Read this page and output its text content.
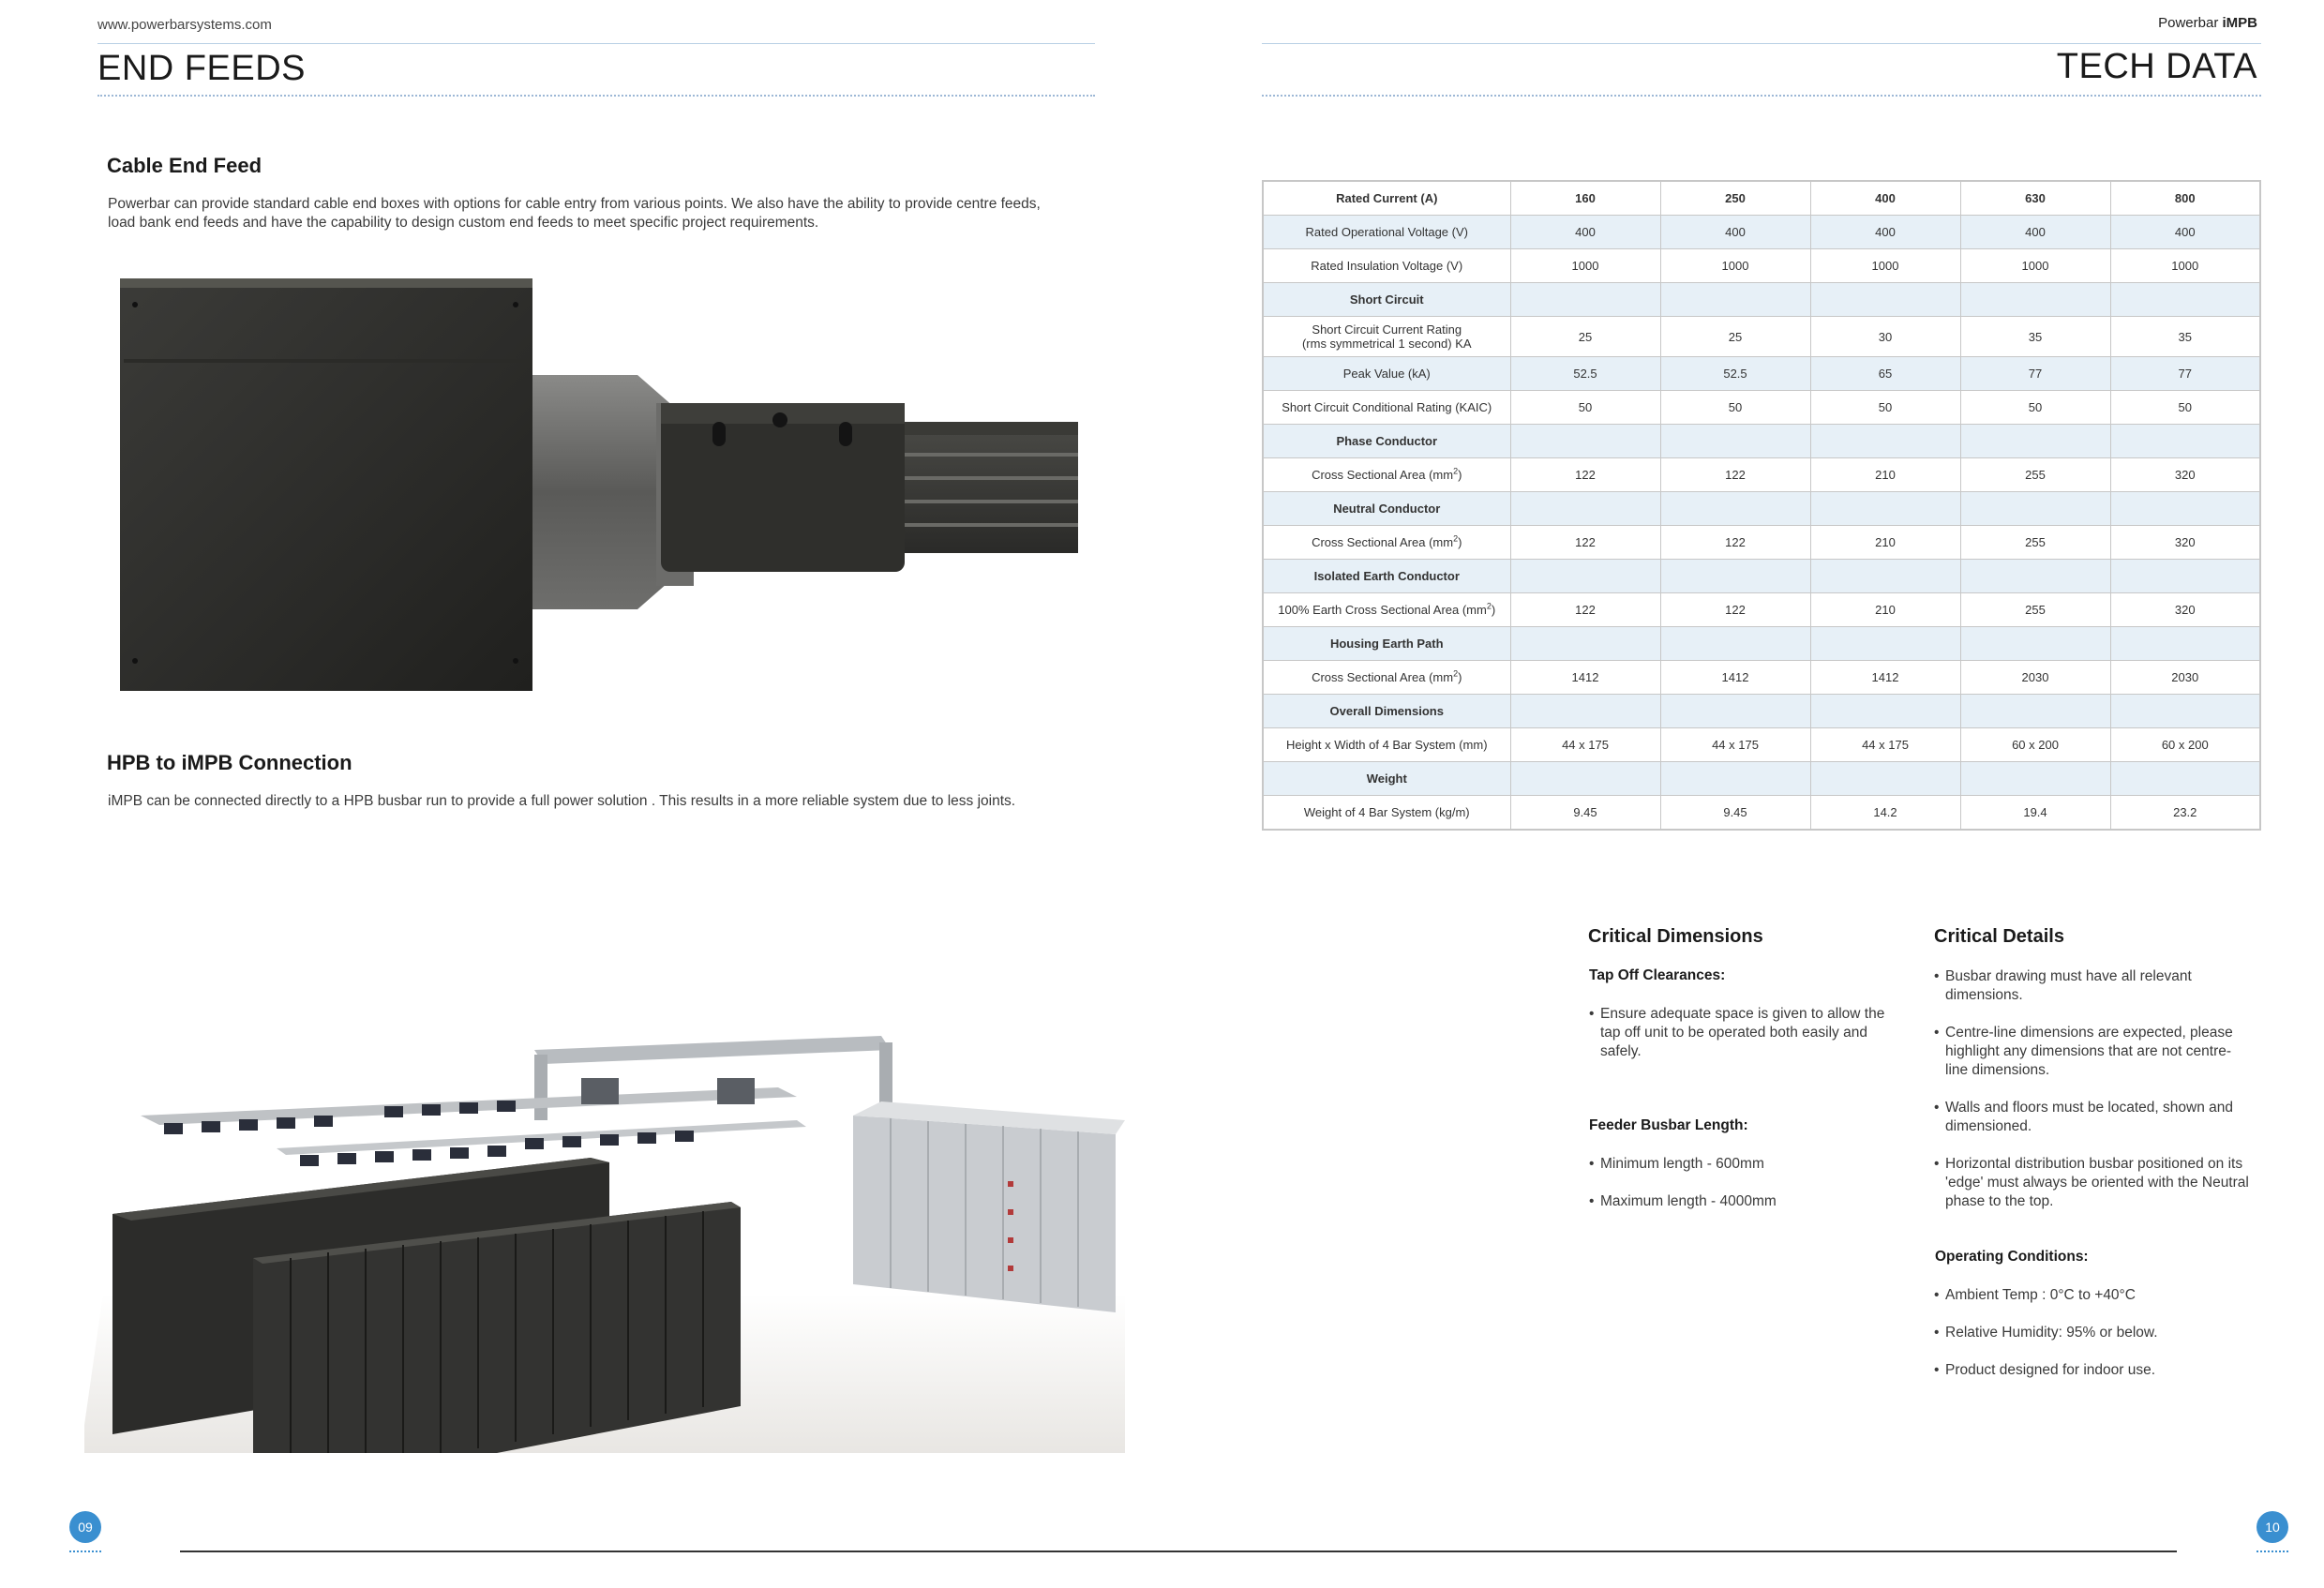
www.powerbarsystems.com	Powerbar iMPB
END FEEDS	TECH DATA
Cable End Feed
Powerbar can provide standard cable end boxes with options for cable entry from various points. We also have the ability to provide centre feeds,
load bank end feeds and have the capability to design custom end feeds to meet specific project requirements.
HPB to iMPB Connection
iMPB can be connected directly to a HPB busbar run to provide a full power solution . This results in a more reliable system due to less joints.
Rated Current (A)	160	250	400	630	800
Rated Operational Voltage (V)	400	400	400	400	400
Rated Insulation Voltage (V)	1000	1000	1000	1000	1000
Short Circuit					
Short Circuit Current Rating
(rms symmetrical 1 second) KA	25	25	30	35	35
Peak Value (kA)	52.5	52.5	65	77	77
Short Circuit Conditional Rating (KAIC)	50	50	50	50	50
Phase Conductor					
Cross Sectional Area $(mm^2)$	122	122	210	255	320
Neutral Conductor					
Cross Sectional Area $(mm^2)$	122	122	210	255	320
Isolated Earth Conductor					
100% Earth Cross Sectional Area $(mm^2)$	122	122	210	255	320
Housing Earth Path					
Cross Sectional Area $(mm^2)$	1412	1412	1412	2030	2030
Overall Dimensions					
Height x Width of 4 Bar System (mm)	44 x 175	44 x 175	44 x 175	60 x 200	60 x 200
Weight					
Weight of 4 Bar System (kg/m)	9.45	9.45	14.2	19.4	23.2
Critical Dimensions
Tap Off Clearances:
• Ensure adequate space is given to allow the tap off unit to be operated both easily and safely.
Feeder Busbar Length:
• Minimum length - 600mm
• Maximum length - 4000mm
Critical Details
• Busbar drawing must have all relevant dimensions.
• Centre-line dimensions are expected, please highlight any dimensions that are not centre-line dimensions.
• Walls and floors must be located, shown and dimensioned.
• Horizontal distribution busbar positioned on its 'edge' must always be oriented with the Neutral phase to the top.
Operating Conditions:
• Ambient Temp : 0°C to +40°C
• Relative Humidity: 95% or below.
• Product designed for indoor use.
09	10
